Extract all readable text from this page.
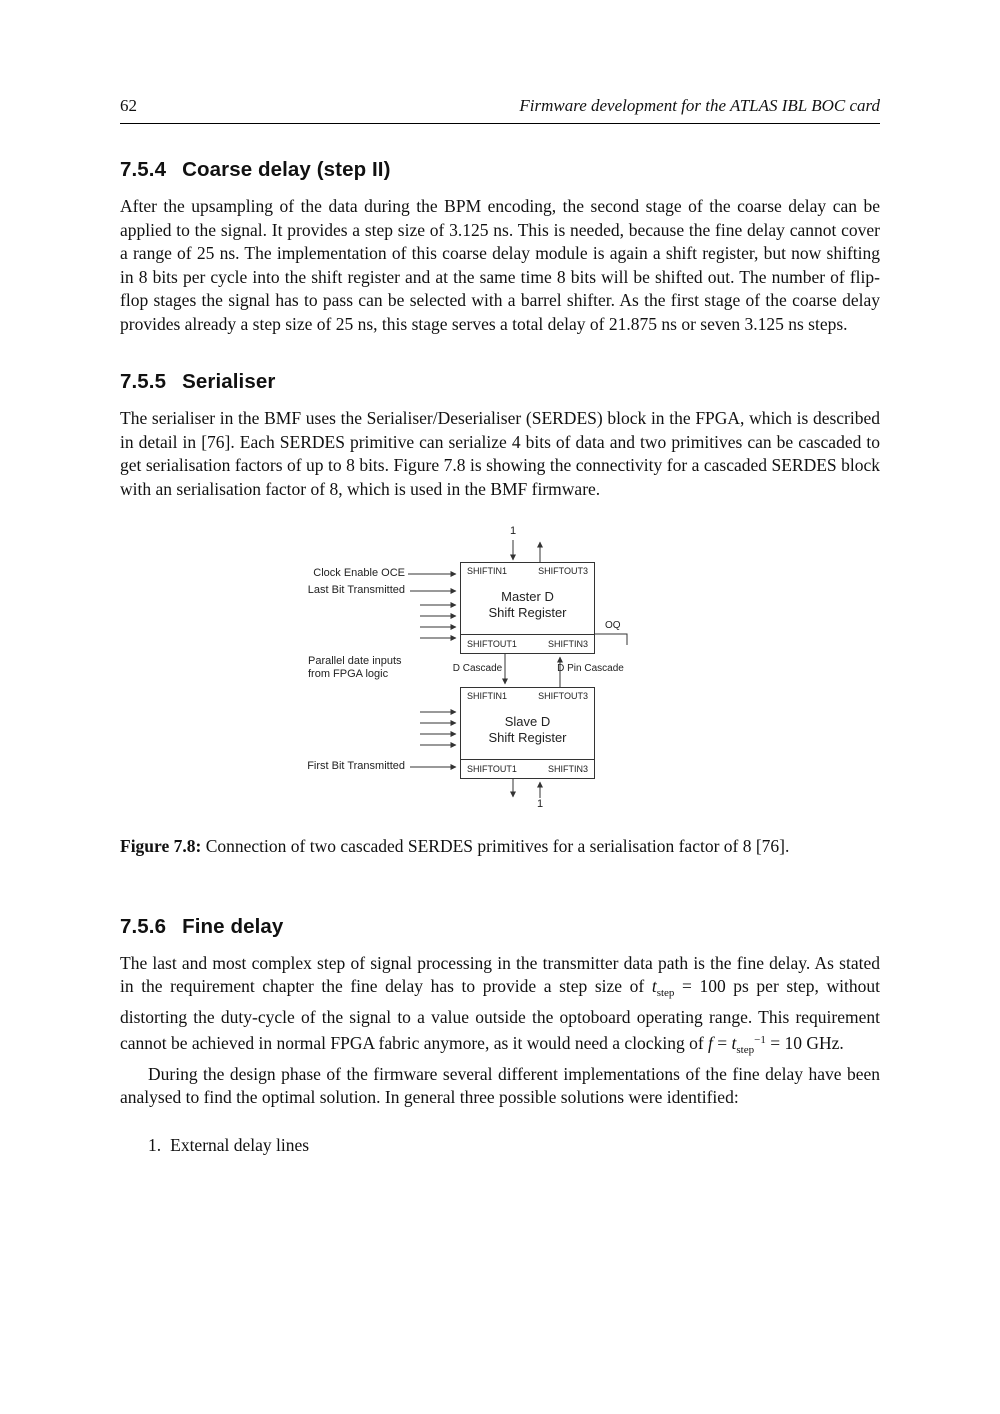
62	Firmware development for the ATLAS IBL BOC card
7.5.4 Coarse delay (step II)

After the upsampling of the data during the BPM encoding, the second stage of the coarse delay can be applied to the signal. It provides a step size of 3.125 ns. This is needed, because the fine delay cannot cover a range of 25 ns. The implementation of this coarse delay module is again a shift register, but now shifting in 8 bits per cycle into the shift register and at the same time 8 bits will be shifted out. The number of flip-flop stages the signal has to pass can be selected with a barrel shifter. As the first stage of the coarse delay provides already a step size of 25 ns, this stage serves a total delay of 21.875 ns or seven 3.125 ns steps.

7.5.5 Serialiser

The serialiser in the BMF uses the Serialiser/Deserialiser (SERDES) block in the FPGA, which is described in detail in [76]. Each SERDES primitive can serialize 4 bits of data and two primitives can be cascaded to get serialisation factors of up to 8 bits. Figure 7.8 is showing the connectivity for a cascaded SERDES block with an serialisation factor of 8, which is used in the BMF firmware.

SHIFTIN1	SHIFTOUT3
Master D
Shift Register
SHIFTOUT1	SHIFTIN3
SHIFTIN1	SHIFTOUT3
Slave D
Shift Register
SHIFTOUT1	SHIFTIN3
1
1
Clock Enable OCE
Last Bit Transmitted
Parallel date inputs
from FPGA logic
First Bit Transmitted
D Cascade	D Pin Cascade
OQ
Figure 7.8: Connection of two cascaded SERDES primitives for a serialisation factor of 8 [76].
7.5.6 Fine delay

The last and most complex step of signal processing in the transmitter data path is the fine delay. As stated in the requirement chapter the fine delay has to provide a step size of $t_{step} = 100$ ps per step, without distorting the duty-cycle of the signal to a value outside the optoboard operating range. This requirement cannot be achieved in normal FPGA fabric anymore, as it would need a clocking of $f = t_{step}^{-1} = 10$ GHz.

During the design phase of the firmware several different implementations of the fine delay have been analysed to find the optimal solution. In general three possible solutions were identified:

1. External delay lines
